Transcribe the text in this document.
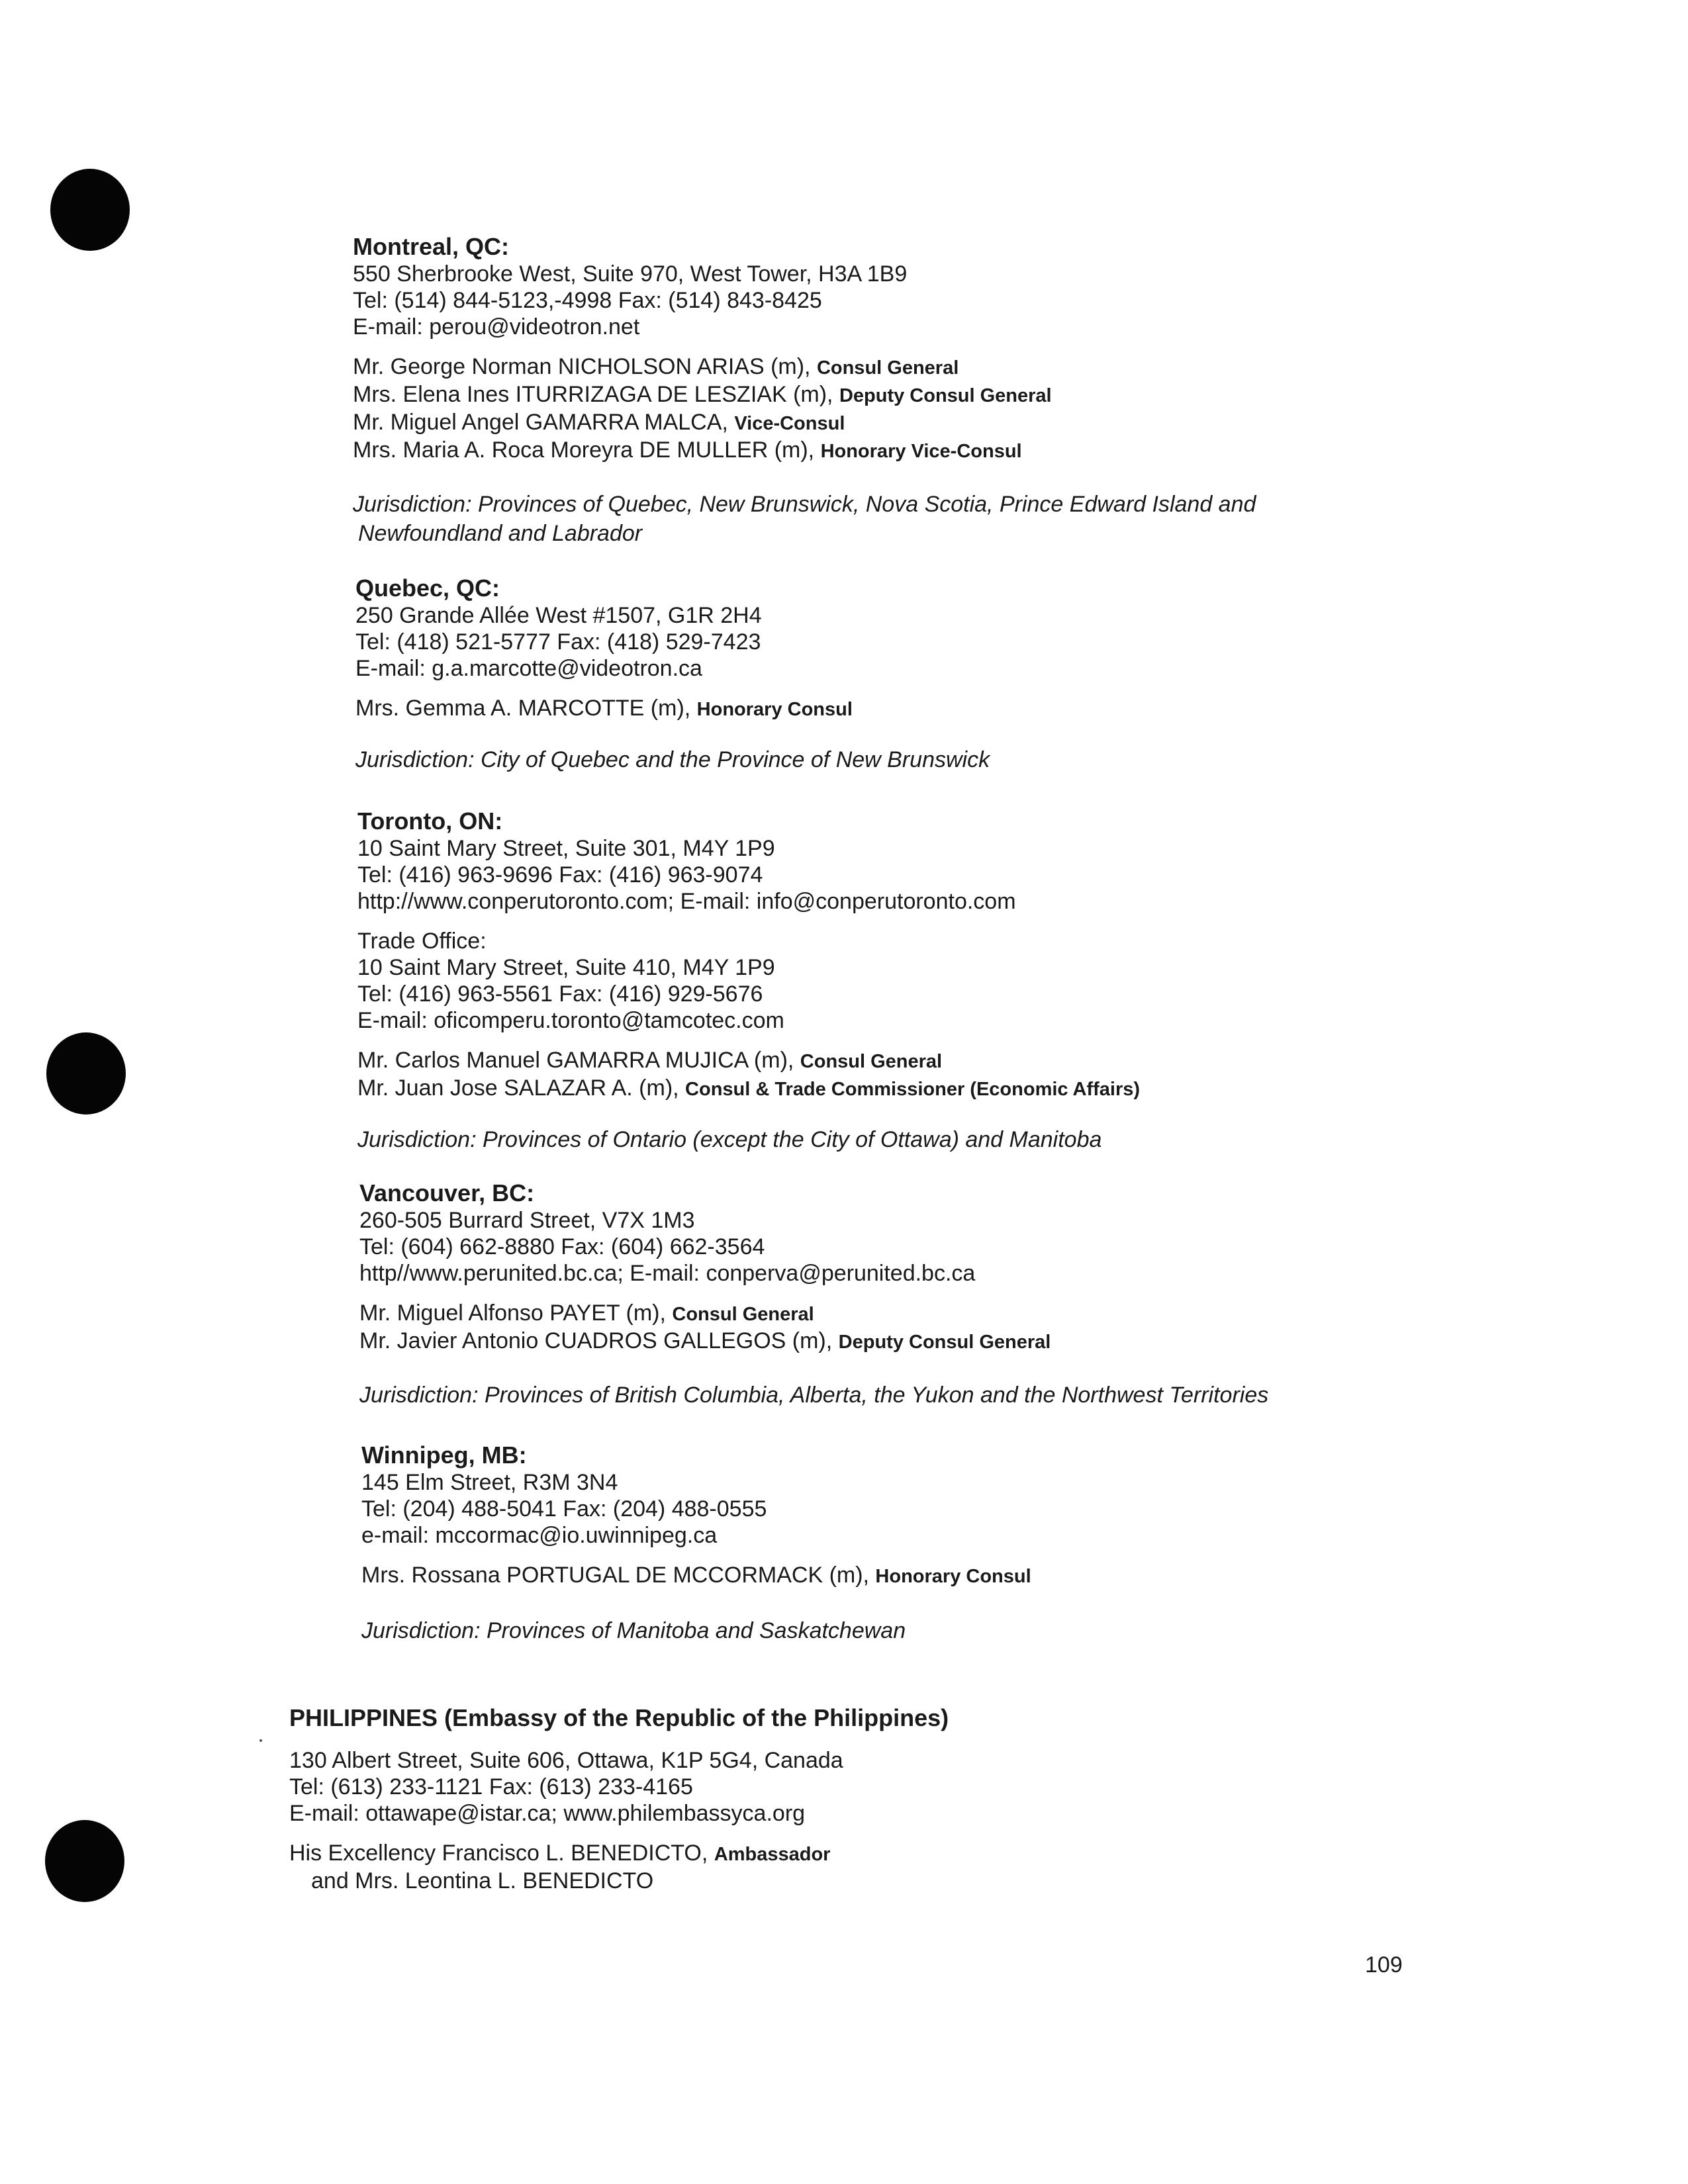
Montreal, QC:
550 Sherbrooke West, Suite 970, West Tower, H3A 1B9
Tel: (514) 844-5123,-4998 Fax: (514) 843-8425
E-mail: perou@videotron.net
Mr. George Norman NICHOLSON ARIAS (m), Consul General
Mrs. Elena Ines ITURRIZAGA DE LESZIAK (m), Deputy Consul General
Mr. Miguel Angel GAMARRA MALCA, Vice-Consul
Mrs. Maria A. Roca Moreyra DE MULLER (m), Honorary Vice-Consul
Jurisdiction: Provinces of Quebec, New Brunswick, Nova Scotia, Prince Edward Island and
Newfoundland and Labrador
Quebec, QC:
250 Grande Allée West #1507, G1R 2H4
Tel: (418) 521-5777 Fax: (418) 529-7423
E-mail: g.a.marcotte@videotron.ca
Mrs. Gemma A. MARCOTTE (m), Honorary Consul
Jurisdiction: City of Quebec and the Province of New Brunswick
Toronto, ON:
10 Saint Mary Street, Suite 301, M4Y 1P9
Tel: (416) 963-9696 Fax: (416) 963-9074
http://www.conperutoronto.com; E-mail: info@conperutoronto.com
Trade Office:
10 Saint Mary Street, Suite 410, M4Y 1P9
Tel: (416) 963-5561 Fax: (416) 929-5676
E-mail: oficomperu.toronto@tamcotec.com
Mr. Carlos Manuel GAMARRA MUJICA (m), Consul General
Mr. Juan Jose SALAZAR A. (m), Consul & Trade Commissioner (Economic Affairs)
Jurisdiction: Provinces of Ontario (except the City of Ottawa) and Manitoba
Vancouver, BC:
260-505 Burrard Street, V7X 1M3
Tel: (604) 662-8880 Fax: (604) 662-3564
http//www.perunited.bc.ca; E-mail: conperva@perunited.bc.ca
Mr. Miguel Alfonso PAYET (m), Consul General
Mr. Javier Antonio CUADROS GALLEGOS (m), Deputy Consul General
Jurisdiction: Provinces of British Columbia, Alberta, the Yukon and the Northwest Territories
Winnipeg, MB:
145 Elm Street, R3M 3N4
Tel: (204) 488-5041 Fax: (204) 488-0555
e-mail: mccormac@io.uwinnipeg.ca
Mrs. Rossana PORTUGAL DE MCCORMACK (m), Honorary Consul
Jurisdiction: Provinces of Manitoba and Saskatchewan
PHILIPPINES (Embassy of the Republic of the Philippines)
130 Albert Street, Suite 606, Ottawa, K1P 5G4, Canada
Tel: (613) 233-1121 Fax: (613) 233-4165
E-mail: ottawape@istar.ca; www.philembassyca.org
His Excellency Francisco L. BENEDICTO, Ambassador
and Mrs. Leontina L. BENEDICTO
109
